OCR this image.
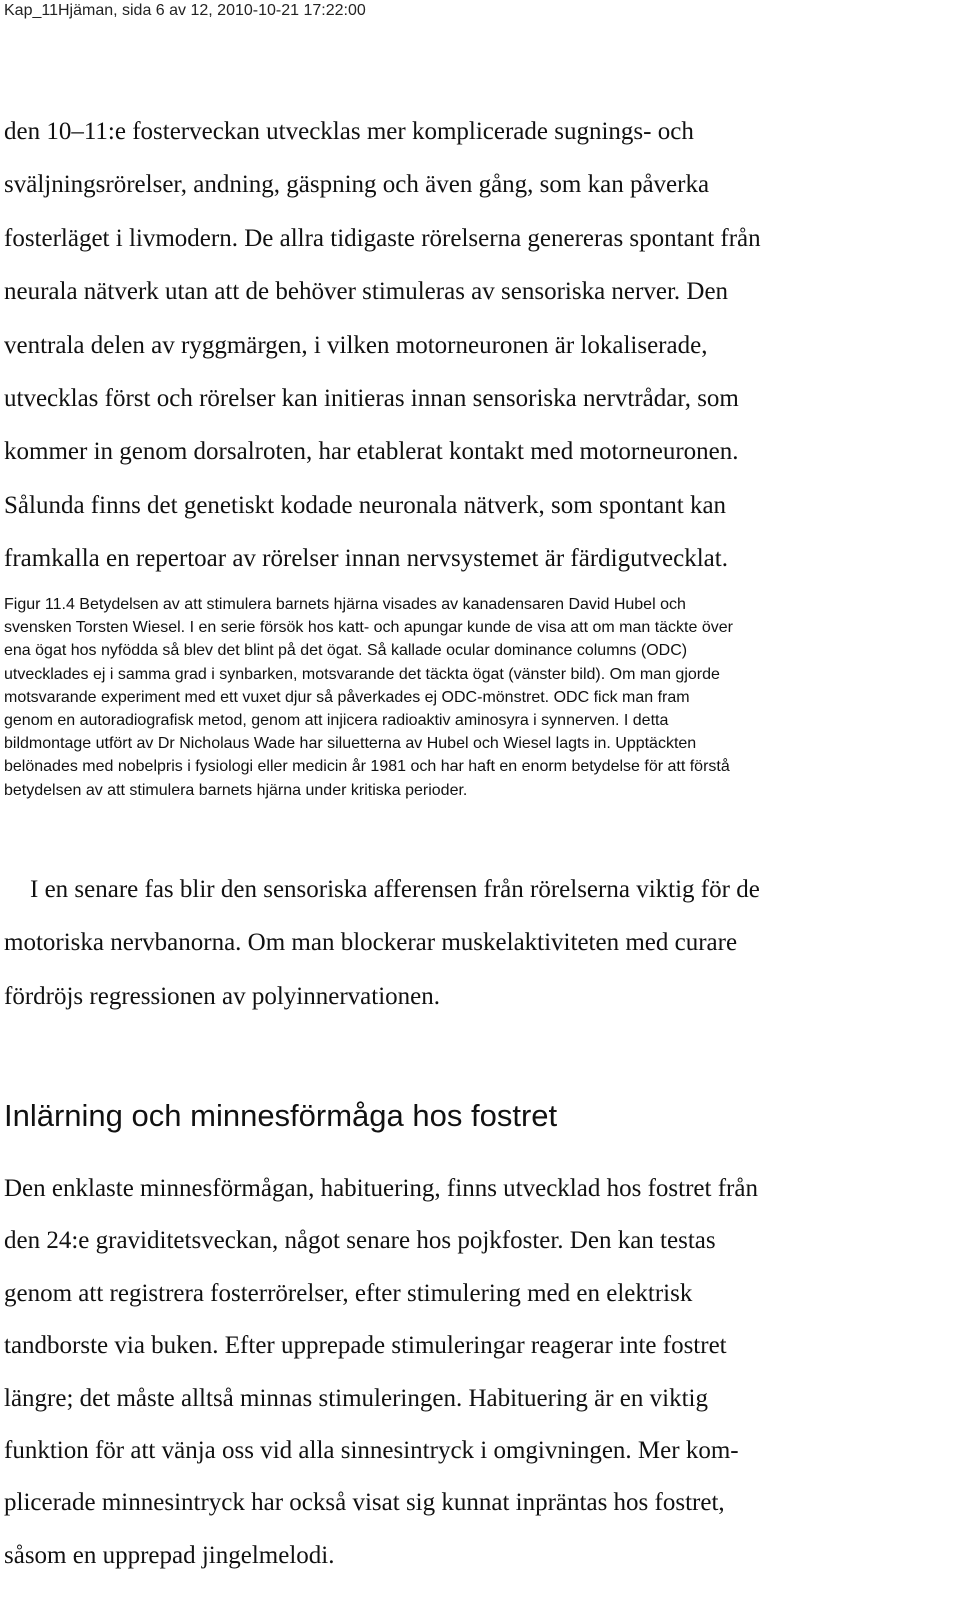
Kap_11Hjäman, sida 6 av 12, 2010-10-21 17:22:00

den 10–11:e fosterveckan utvecklas mer komplicerade sugnings- och
sväljningsrörelser, andning, gäspning och även gång, som kan påverka
fosterläget i livmodern. De allra tidigaste rörelserna genereras spontant från
neurala nätverk utan att de behöver stimuleras av sensoriska nerver. Den
ventrala delen av ryggmärgen, i vilken motorneuronen är lokaliserade,
utvecklas först och rörelser kan initieras innan sensoriska nervtrådar, som
kommer in genom dorsalroten, har etablerat kontakt med motorneuronen.
Sålunda finns det genetiskt kodade neuronala nätverk, som spontant kan
framkalla en repertoar av rörelser innan nervsystemet är färdigutvecklat.

Figur 11.4 Betydelsen av att stimulera barnets hjärna visades av kanadensaren David Hubel och
svensken Torsten Wiesel. I en serie försök hos katt- och apungar kunde de visa att om man täckte över
ena ögat hos nyfödda så blev det blint på det ögat. Så kallade ocular dominance columns (ODC)
utvecklades ej i samma grad i synbarken, motsvarande det täckta ögat (vänster bild). Om man gjorde
motsvarande experiment med ett vuxet djur så påverkades ej ODC-mönstret. ODC fick man fram
genom en autoradiografisk metod, genom att injicera radioaktiv aminosyra i synnerven. I detta
bildmontage utfört av Dr Nicholaus Wade har siluetterna av Hubel och Wiesel lagts in. Upptäckten
belönades med nobelpris i fysiologi eller medicin år 1981 och har haft en enorm betydelse för att förstå
betydelsen av att stimulera barnets hjärna under kritiska perioder.

I en senare fas blir den sensoriska afferensen från rörelserna viktig för de
motoriska nervbanorna. Om man blockerar muskelaktiviteten med curare
fördröjs regressionen av polyinnervationen.

Inlärning och minnesförmåga hos fostret

Den enklaste minnesförmågan, habituering, finns utvecklad hos fostret från
den 24:e graviditetsveckan, något senare hos pojkfoster. Den kan testas
genom att registrera fosterrörelser, efter stimulering med en elektrisk
tandborste via buken. Efter upprepade stimuleringar reagerar inte fostret
längre; det måste alltså minnas stimuleringen. Habituering är en viktig
funktion för att vänja oss vid alla sinnesintryck i omgivningen. Mer kom-
plicerade minnesintryck har också visat sig kunnat inpräntas hos fostret,
såsom en upprepad jingelmelodi.
